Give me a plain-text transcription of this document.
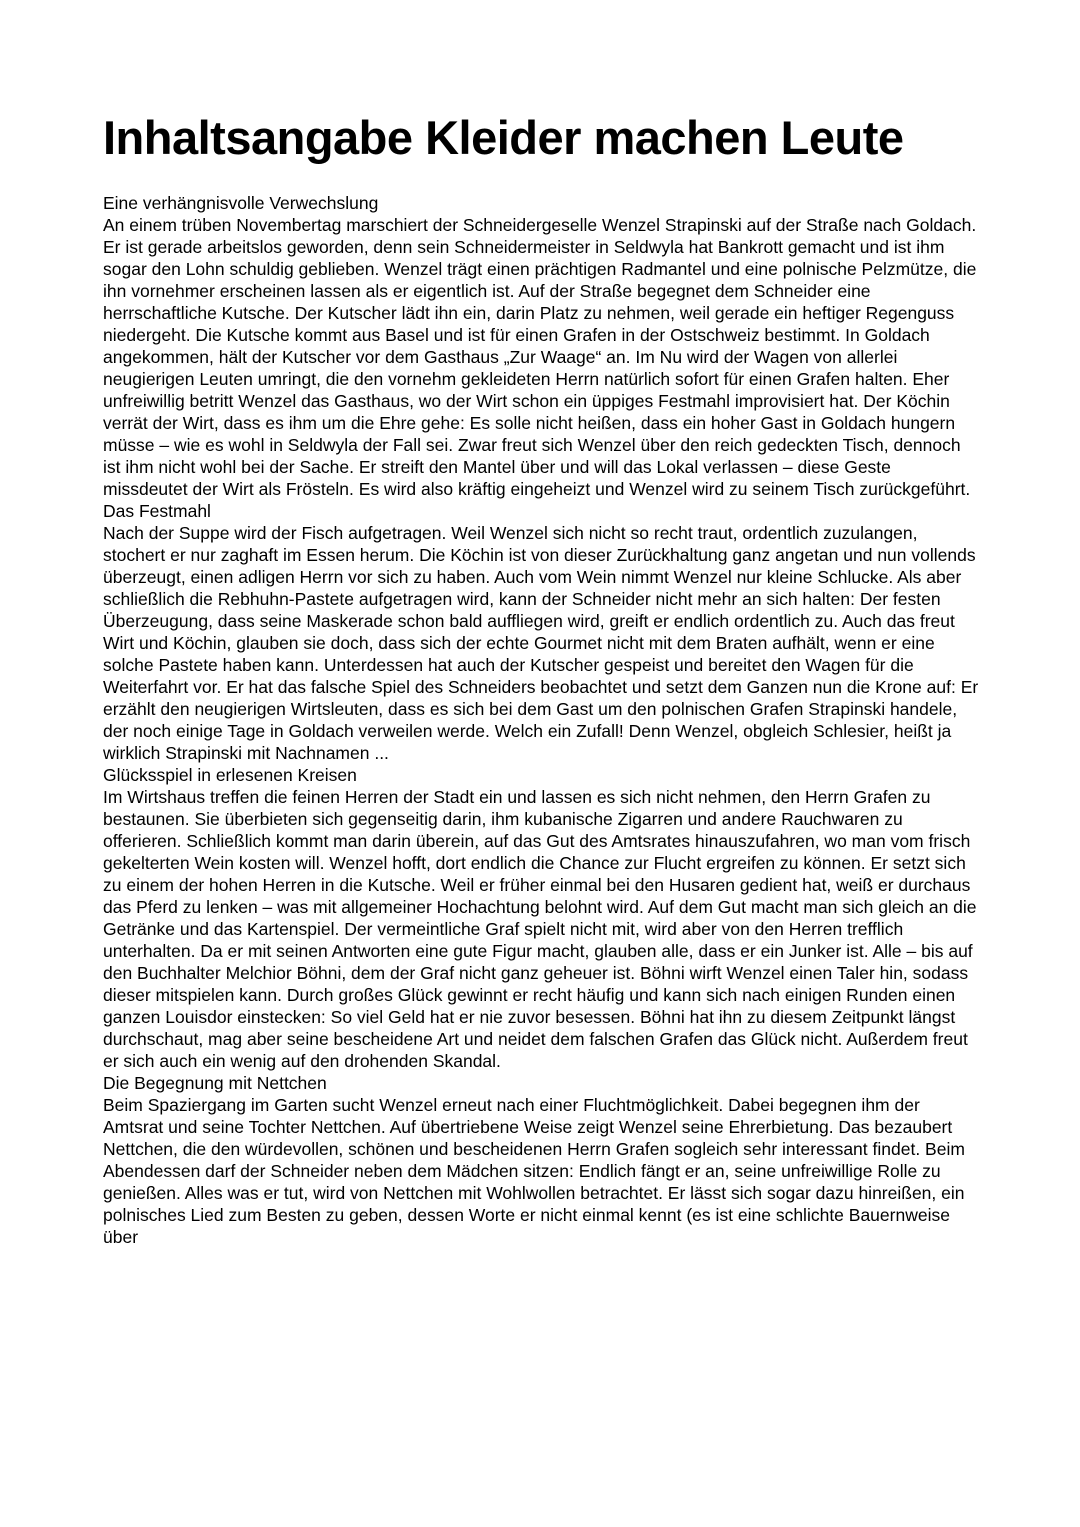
Inhaltsangabe Kleider machen Leute
Eine verhängnisvolle Verwechslung
An einem trüben Novembertag marschiert der Schneidergeselle Wenzel Strapinski auf der Straße nach Goldach. Er ist gerade arbeitslos geworden, denn sein Schneidermeister in Seldwyla hat Bankrott gemacht und ist ihm sogar den Lohn schuldig geblieben. Wenzel trägt einen prächtigen Radmantel und eine polnische Pelzmütze, die ihn vornehmer erscheinen lassen als er eigentlich ist. Auf der Straße begegnet dem Schneider eine herrschaftliche Kutsche. Der Kutscher lädt ihn ein, darin Platz zu nehmen, weil gerade ein heftiger Regenguss niedergeht. Die Kutsche kommt aus Basel und ist für einen Grafen in der Ostschweiz bestimmt. In Goldach angekommen, hält der Kutscher vor dem Gasthaus „Zur Waage“ an. Im Nu wird der Wagen von allerlei neugierigen Leuten umringt, die den vornehm gekleideten Herrn natürlich sofort für einen Grafen halten. Eher unfreiwillig betritt Wenzel das Gasthaus, wo der Wirt schon ein üppiges Festmahl improvisiert hat. Der Köchin verrät der Wirt, dass es ihm um die Ehre gehe: Es solle nicht heißen, dass ein hoher Gast in Goldach hungern müsse – wie es wohl in Seldwyla der Fall sei. Zwar freut sich Wenzel über den reich gedeckten Tisch, dennoch ist ihm nicht wohl bei der Sache. Er streift den Mantel über und will das Lokal verlassen – diese Geste missdeutet der Wirt als Frösteln. Es wird also kräftig eingeheizt und Wenzel wird zu seinem Tisch zurückgeführt.
Das Festmahl
Nach der Suppe wird der Fisch aufgetragen. Weil Wenzel sich nicht so recht traut, ordentlich zuzulangen, stochert er nur zaghaft im Essen herum. Die Köchin ist von dieser Zurückhaltung ganz angetan und nun vollends überzeugt, einen adligen Herrn vor sich zu haben. Auch vom Wein nimmt Wenzel nur kleine Schlucke. Als aber schließlich die Rebhuhn-Pastete aufgetragen wird, kann der Schneider nicht mehr an sich halten: Der festen Überzeugung, dass seine Maskerade schon bald auffliegen wird, greift er endlich ordentlich zu. Auch das freut Wirt und Köchin, glauben sie doch, dass sich der echte Gourmet nicht mit dem Braten aufhält, wenn er eine solche Pastete haben kann. Unterdessen hat auch der Kutscher gespeist und bereitet den Wagen für die Weiterfahrt vor. Er hat das falsche Spiel des Schneiders beobachtet und setzt dem Ganzen nun die Krone auf: Er erzählt den neugierigen Wirtsleuten, dass es sich bei dem Gast um den polnischen Grafen Strapinski handele, der noch einige Tage in Goldach verweilen werde. Welch ein Zufall! Denn Wenzel, obgleich Schlesier, heißt ja wirklich Strapinski mit Nachnamen ...
Glücksspiel in erlesenen Kreisen
Im Wirtshaus treffen die feinen Herren der Stadt ein und lassen es sich nicht nehmen, den Herrn Grafen zu bestaunen. Sie überbieten sich gegenseitig darin, ihm kubanische Zigarren und andere Rauchwaren zu offerieren. Schließlich kommt man darin überein, auf das Gut des Amtsrates hinauszufahren, wo man vom frisch gekelterten Wein kosten will. Wenzel hofft, dort endlich die Chance zur Flucht ergreifen zu können. Er setzt sich zu einem der hohen Herren in die Kutsche. Weil er früher einmal bei den Husaren gedient hat, weiß er durchaus das Pferd zu lenken – was mit allgemeiner Hochachtung belohnt wird. Auf dem Gut macht man sich gleich an die Getränke und das Kartenspiel. Der vermeintliche Graf spielt nicht mit, wird aber von den Herren trefflich unterhalten. Da er mit seinen Antworten eine gute Figur macht, glauben alle, dass er ein Junker ist. Alle – bis auf den Buchhalter Melchior Böhni, dem der Graf nicht ganz geheuer ist. Böhni wirft Wenzel einen Taler hin, sodass dieser mitspielen kann. Durch großes Glück gewinnt er recht häufig und kann sich nach einigen Runden einen ganzen Louisdor einstecken: So viel Geld hat er nie zuvor besessen. Böhni hat ihn zu diesem Zeitpunkt längst durchschaut, mag aber seine bescheidene Art und neidet dem falschen Grafen das Glück nicht. Außerdem freut er sich auch ein wenig auf den drohenden Skandal.
Die Begegnung mit Nettchen
Beim Spaziergang im Garten sucht Wenzel erneut nach einer Fluchtmöglichkeit. Dabei begegnen ihm der Amtsrat und seine Tochter Nettchen. Auf übertriebene Weise zeigt Wenzel seine Ehrerbietung. Das bezaubert Nettchen, die den würdevollen, schönen und bescheidenen Herrn Grafen sogleich sehr interessant findet. Beim Abendessen darf der Schneider neben dem Mädchen sitzen: Endlich fängt er an, seine unfreiwillige Rolle zu genießen. Alles was er tut, wird von Nettchen mit Wohlwollen betrachtet. Er lässt sich sogar dazu hinreißen, ein polnisches Lied zum Besten zu geben, dessen Worte er nicht einmal kennt (es ist eine schlichte Bauernweise über
